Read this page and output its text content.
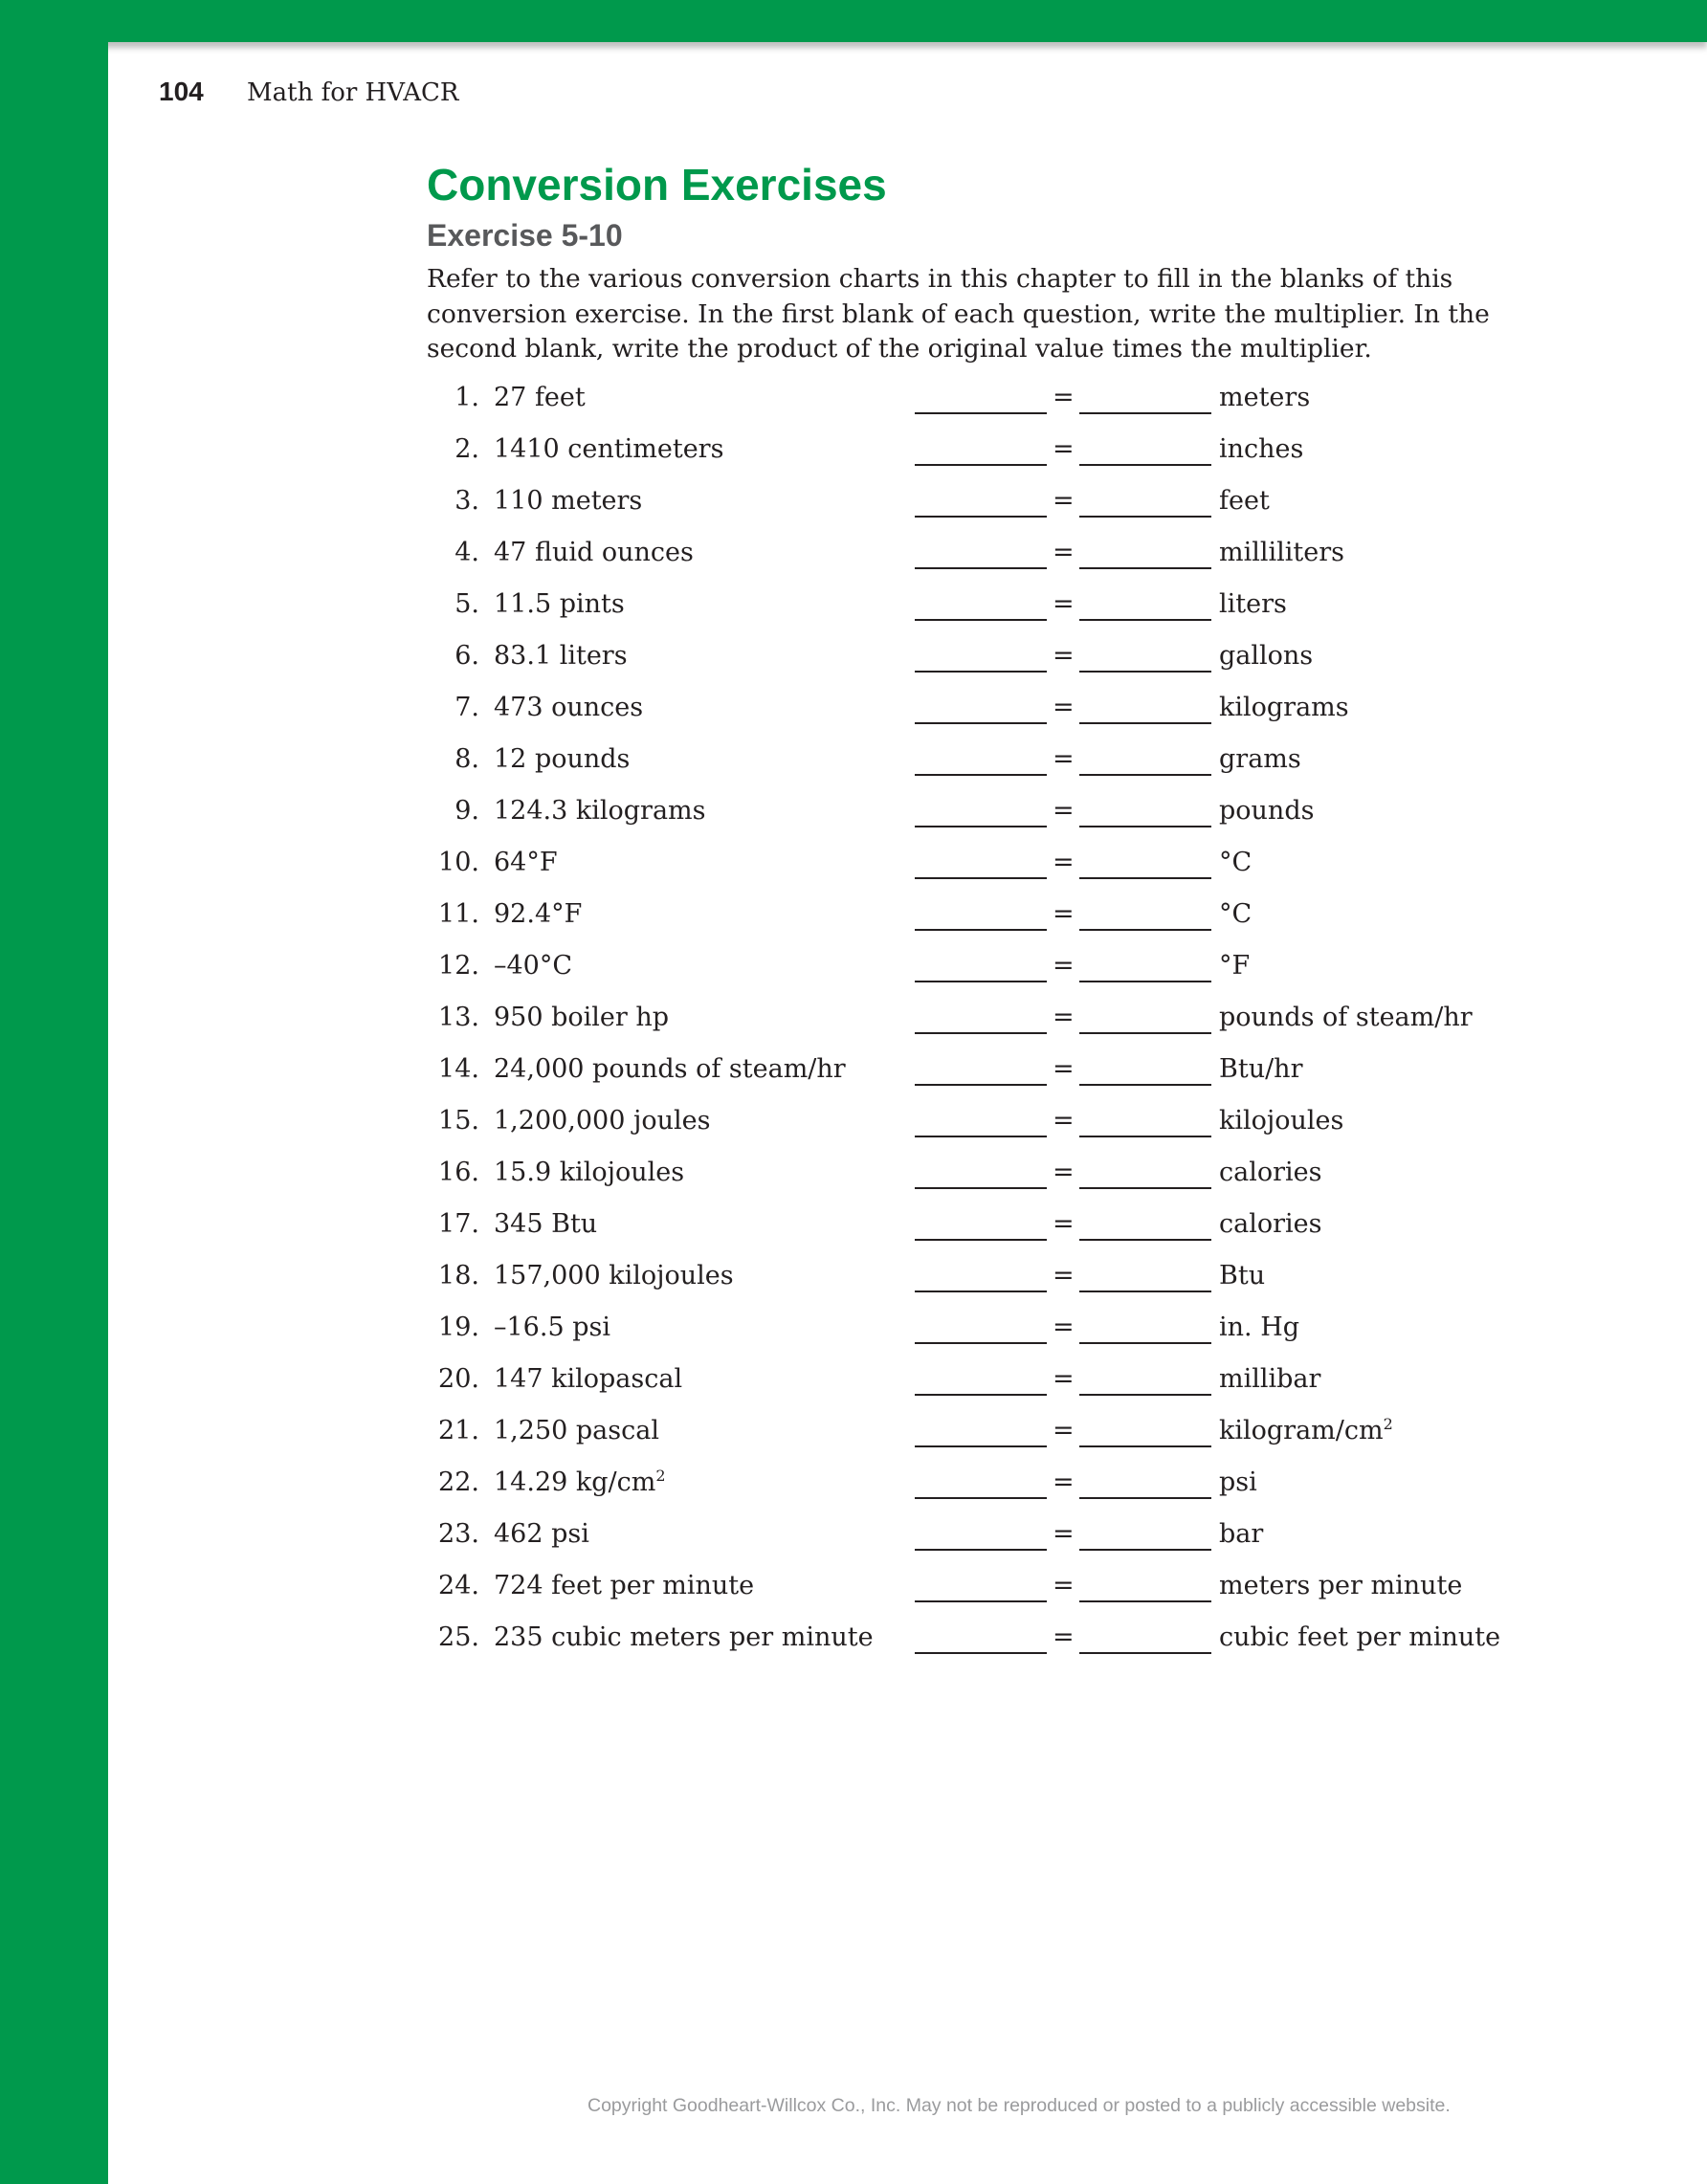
104 Math for HVACR
Conversion Exercises
Exercise 5-10

Refer to the various conversion charts in this chapter to fill in the blanks of this conversion exercise. In the first blank of each question, write the multiplier. In the second blank, write the product of the original value times the multiplier.

1. 27 feet	=	meters
2. 1410 centimeters	=	inches
3. 110 meters	=	feet
4. 47 fluid ounces	=	milliliters
5. 11.5 pints	=	liters
6. 83.1 liters	=	gallons
7. 473 ounces	=	kilograms
8. 12 pounds	=	grams
9. 124.3 kilograms	=	pounds
10. 64°F	=	°C
11. 92.4°F	=	°C
12. –40°C	=	°F
13. 950 boiler hp	=	pounds of steam/hr
14. 24,000 pounds of steam/hr	=	Btu/hr
15. 1,200,000 joules	=	kilojoules
16. 15.9 kilojoules	=	calories
17. 345 Btu	=	calories
18. 157,000 kilojoules	=	Btu
19. –16.5 psi	=	in. Hg
20. 147 kilopascal	=	millibar
21. 1,250 pascal	=	kilogram/$cm^2$
22. 14.29 $kg/cm^2$	=	psi
23. 462 psi	=	bar
24. 724 feet per minute	=	meters per minute
25. 235 cubic meters per minute	=	cubic feet per minute
Copyright Goodheart-Willcox Co., Inc. May not be reproduced or posted to a publicly accessible website.
